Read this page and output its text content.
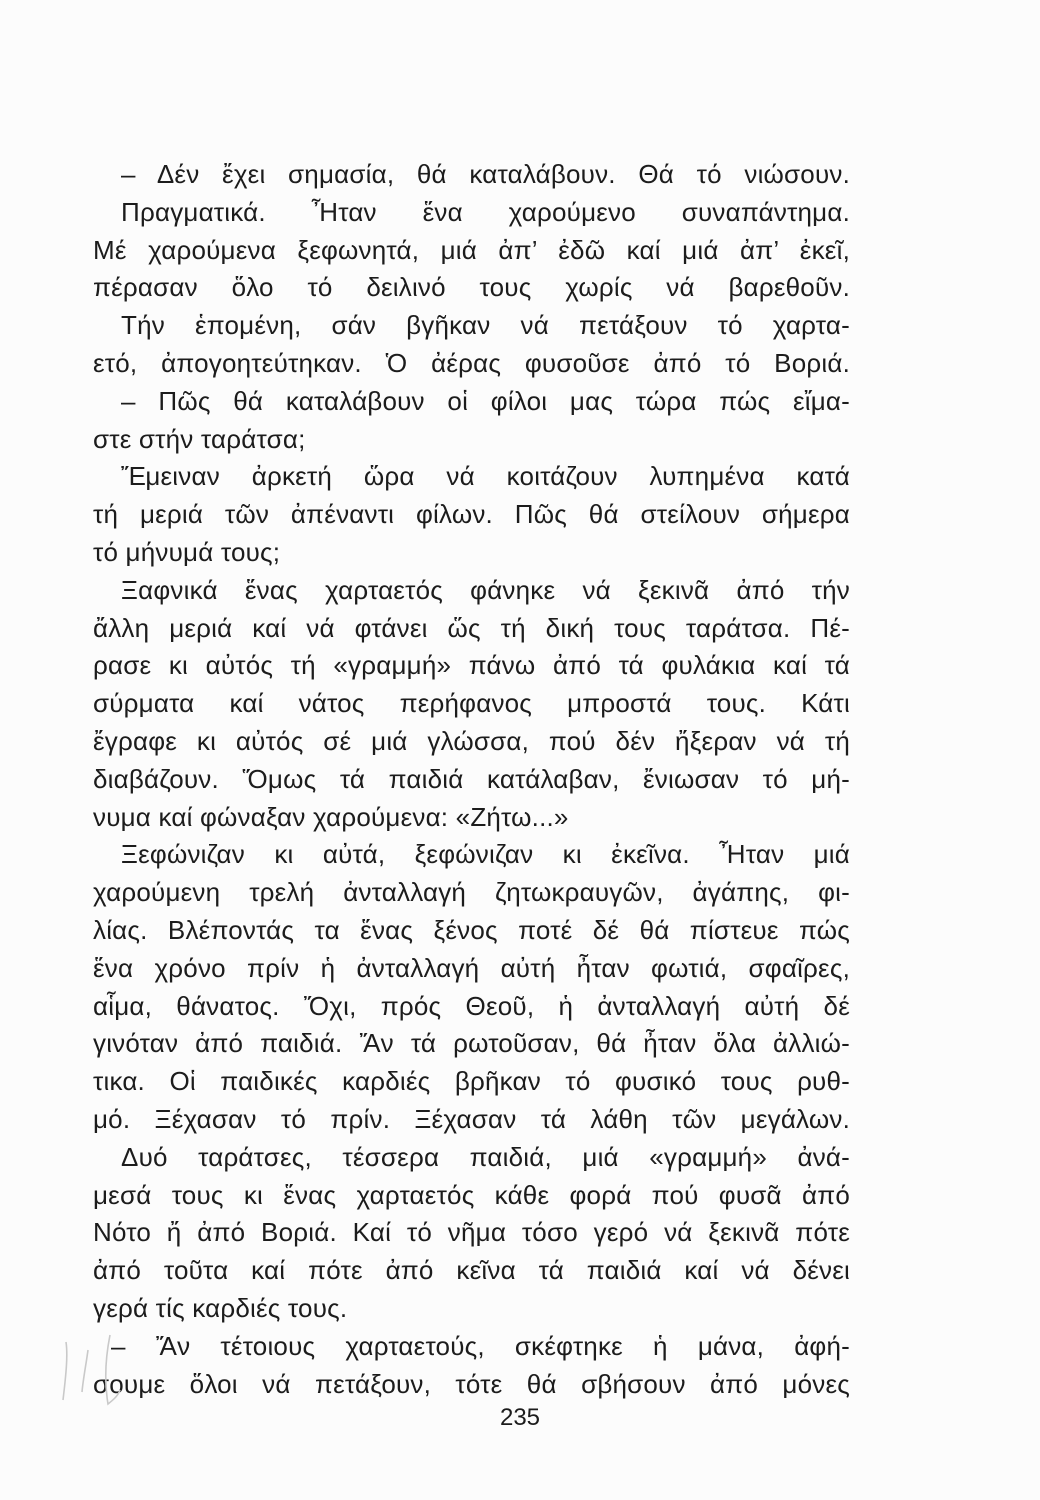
– Δέν ἔχει σημασία, θά καταλάβουν. Θά τό νιώσουν.
Πραγματικά. Ἦταν ἕνα χαρούμενο συναπάντημα.
Μέ χαρούμενα ξεφωνητά, μιά ἀπ’ ἐδῶ καί μιά ἀπ’ ἐκεῖ,
πέρασαν ὅλο τό δειλινό τους χωρίς νά βαρεθοῦν.
Τήν ἑπομένη, σάν βγῆκαν νά πετάξουν τό χαρτα-
ετό, ἀπογοητεύτηκαν. Ὁ ἀέρας φυσοῦσε ἀπό τό Βοριά.
– Πῶς θά καταλάβουν οἱ φίλοι μας τώρα πώς εἴμα-
στε στήν ταράτσα;
Ἔμειναν ἀρκετή ὥρα νά κοιτάζουν λυπημένα κατά
τή μεριά τῶν ἀπέναντι φίλων. Πῶς θά στείλουν σήμερα
τό μήνυμά τους;
Ξαφνικά ἕνας χαρταετός φάνηκε νά ξεκινᾶ ἀπό τήν
ἄλλη μεριά καί νά φτάνει ὥς τή δική τους ταράτσα. Πέ-
ρασε κι αὐτός τή «γραμμή» πάνω ἀπό τά φυλάκια καί τά
σύρματα καί νάτος περήφανος μπροστά τους. Κάτι
ἔγραφε κι αὐτός σέ μιά γλώσσα, πού δέν ἤξεραν νά τή
διαβάζουν. Ὅμως τά παιδιά κατάλαβαν, ἔνιωσαν τό μή-
νυμα καί φώναξαν χαρούμενα: «Ζήτω...»
Ξεφώνιζαν κι αὐτά, ξεφώνιζαν κι ἐκεῖνα. Ἦταν μιά
χαρούμενη τρελή ἀνταλλαγή ζητωκραυγῶν, ἀγάπης, φι-
λίας. Βλέποντάς τα ἕνας ξένος ποτέ δέ θά πίστευε πώς
ἕνα χρόνο πρίν ἡ ἀνταλλαγή αὐτή ἦταν φωτιά, σφαῖρες,
αἷμα, θάνατος. Ὄχι, πρός Θεοῦ, ἡ ἀνταλλαγή αὐτή δέ
γινόταν ἀπό παιδιά. Ἄν τά ρωτοῦσαν, θά ἦταν ὅλα ἀλλιώ-
τικα. Οἱ παιδικές καρδιές βρῆκαν τό φυσικό τους ρυθ-
μό. Ξέχασαν τό πρίν. Ξέχασαν τά λάθη τῶν μεγάλων.
Δυό ταράτσες, τέσσερα παιδιά, μιά «γραμμή» ἀνά-
μεσά τους κι ἕνας χαρταετός κάθε φορά πού φυσᾶ ἀπό
Νότο ἤ ἀπό Βοριά. Καί τό νῆμα τόσο γερό νά ξεκινᾶ πότε
ἀπό τοῦτα καί πότε ἀπό κεῖνα τά παιδιά καί νά δένει
γερά τίς καρδιές τους.
– Ἄν τέτοιους χαρταετούς, σκέφτηκε ἡ μάνα, ἀφή-
σουμε ὅλοι νά πετάξουν, τότε θά σβήσουν ἀπό μόνες
235
